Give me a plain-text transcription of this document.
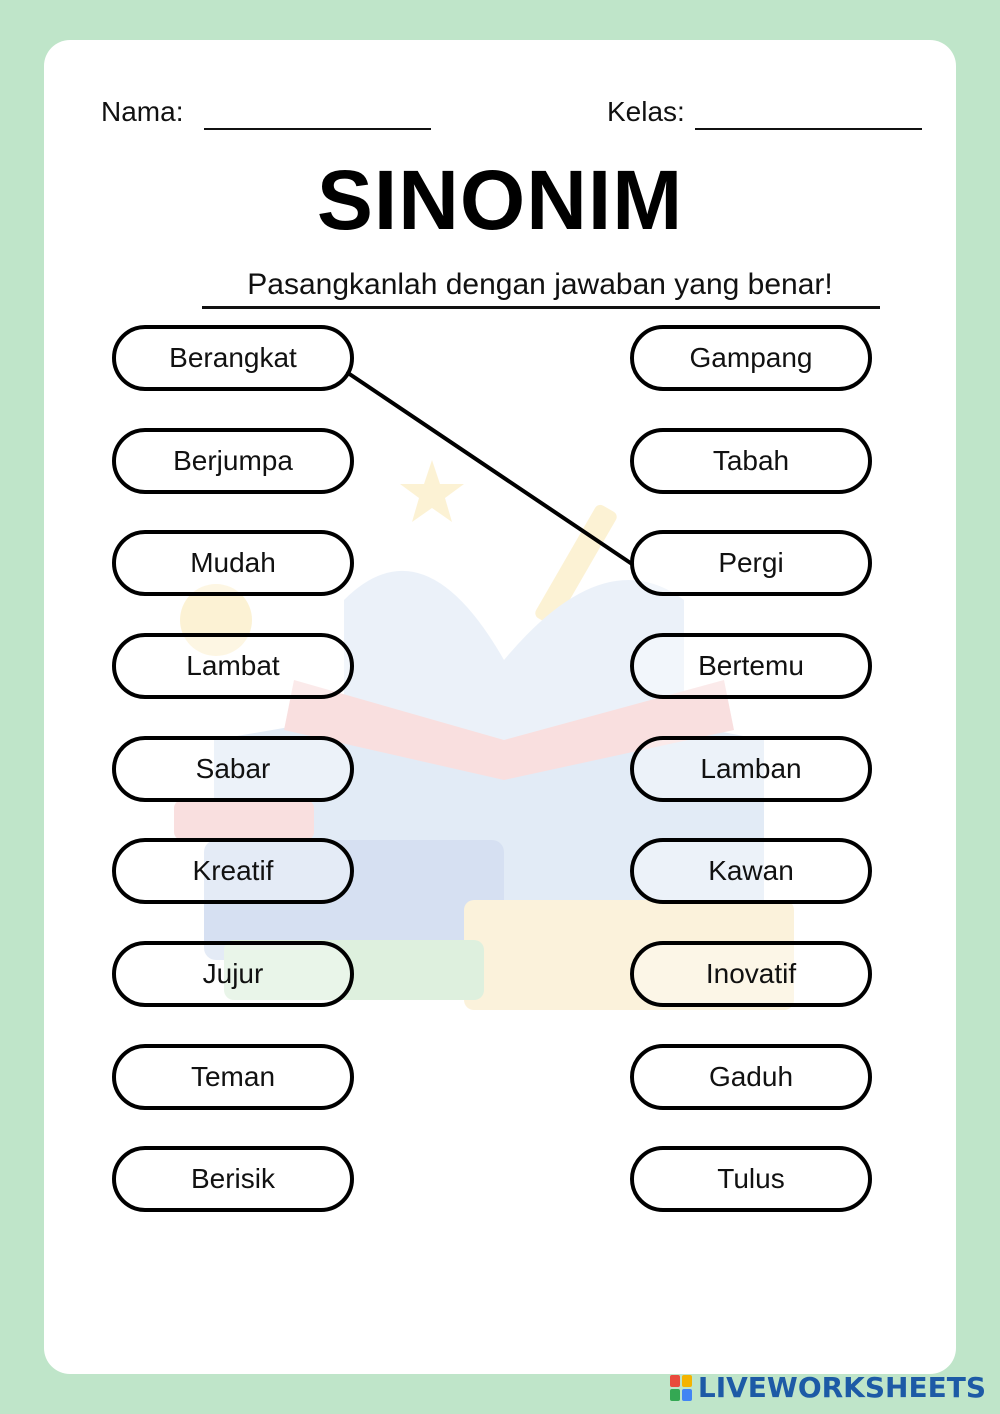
Nama:	Kelas:
SINONIM
Pasangkanlah dengan jawaban yang benar!
Berangkat
Berjumpa
Mudah
Lambat
Sabar
Kreatif
Jujur
Teman
Berisik
Gampang
Tabah
Pergi
Bertemu
Lamban
Kawan
Inovatif
Gaduh
Tulus
LIVEWORKSHEETS
